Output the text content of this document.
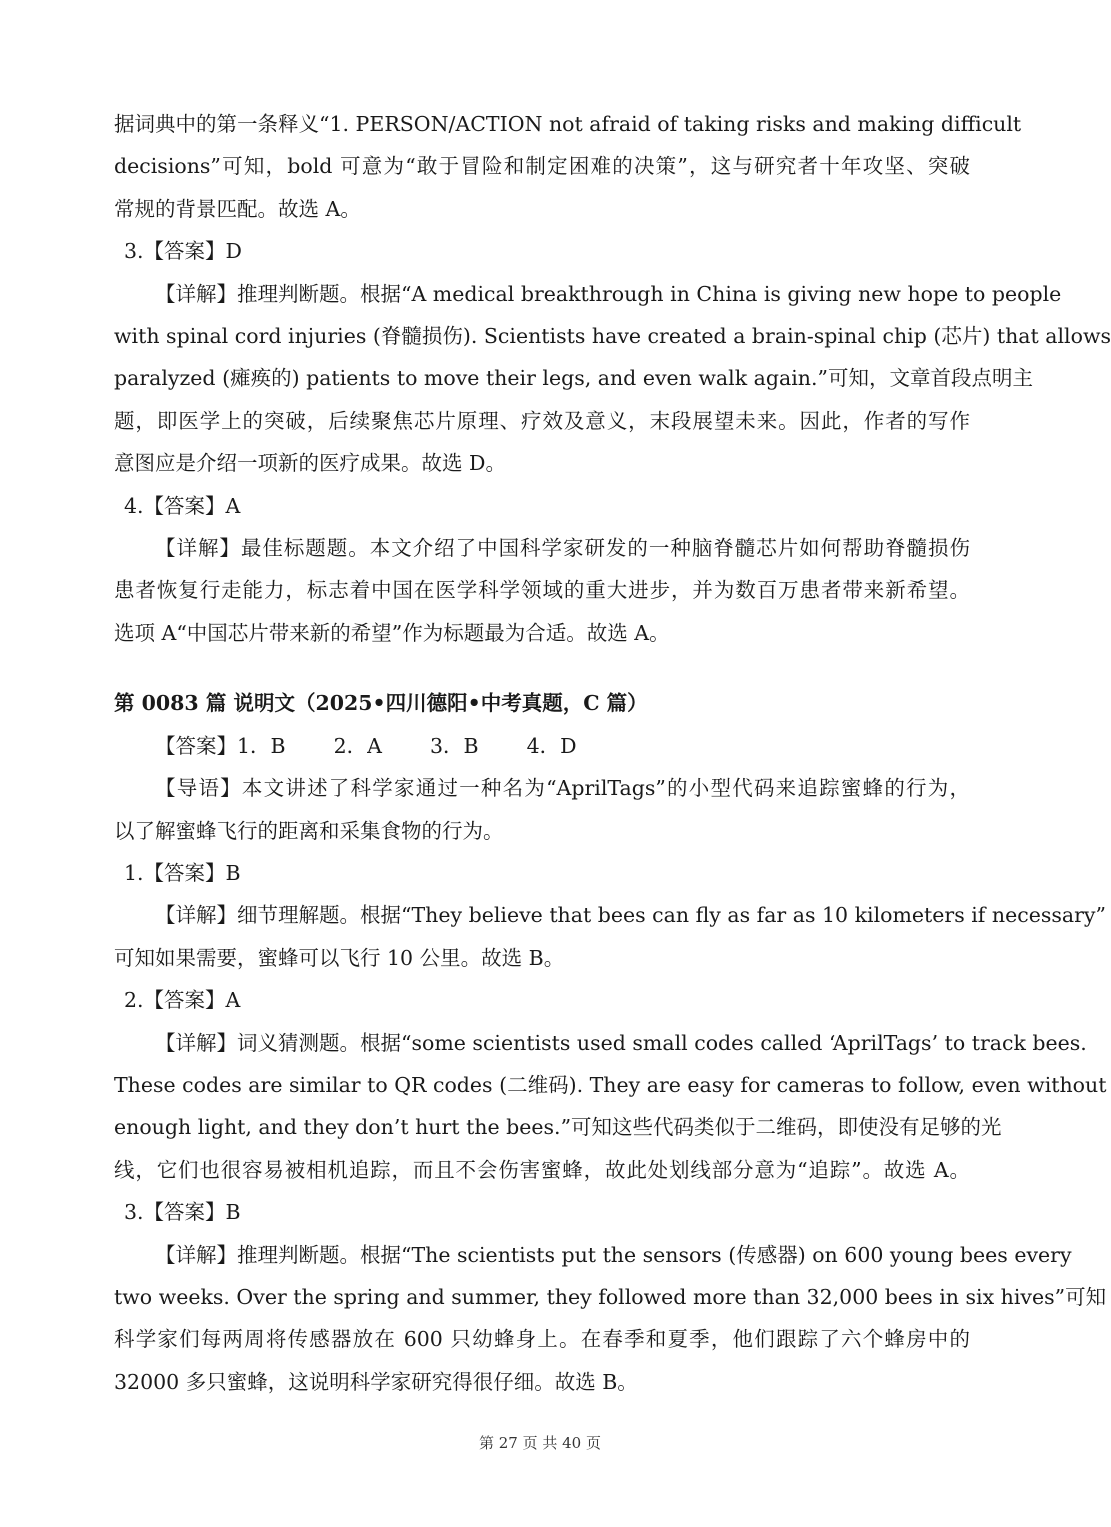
据词典中的第一条释义“1. PERSON/ACTION not afraid of taking risks and making difficult
decisions”可知，bold 可意为“敢于冒险和制定困难的决策”，这与研究者十年攻坚、突破
常规的背景匹配。故选 A。
3.【答案】D
【详解】推理判断题。根据“A medical breakthrough in China is giving new hope to people
with spinal cord injuries (脊髓损伤). Scientists have created a brain-spinal chip (芯片) that allows
paralyzed (瘫痪的) patients to move their legs, and even walk again.”可知，文章首段点明主
题，即医学上的突破，后续聚焦芯片原理、疗效及意义，末段展望未来。因此，作者的写作
意图应是介绍一项新的医疗成果。故选 D。
4.【答案】A
【详解】最佳标题题。本文介绍了中国科学家研发的一种脑脊髓芯片如何帮助脊髓损伤
患者恢复行走能力，标志着中国在医学科学领域的重大进步，并为数百万患者带来新希望。
选项 A“中国芯片带来新的希望”作为标题最为合适。故选 A。
第 0083 篇 说明文（2025•四川德阳•中考真题，C 篇）
【答案】1．B 2．A 3．B 4．D
【导语】本文讲述了科学家通过一种名为“AprilTags”的小型代码来追踪蜜蜂的行为，
以了解蜜蜂飞行的距离和采集食物的行为。
1.【答案】B
【详解】细节理解题。根据“They believe that bees can fly as far as 10 kilometers if necessary”
可知如果需要，蜜蜂可以飞行 10 公里。故选 B。
2.【答案】A
【详解】词义猜测题。根据“some scientists used small codes called ‘AprilTags’ to track bees.
These codes are similar to QR codes (二维码). They are easy for cameras to follow, even without
enough light, and they don’t hurt the bees.”可知这些代码类似于二维码，即使没有足够的光
线，它们也很容易被相机追踪，而且不会伤害蜜蜂，故此处划线部分意为“追踪”。故选 A。
3.【答案】B
【详解】推理判断题。根据“The scientists put the sensors (传感器) on 600 young bees every
two weeks. Over the spring and summer, they followed more than 32,000 bees in six hives”可知
科学家们每两周将传感器放在 600 只幼蜂身上。在春季和夏季，他们跟踪了六个蜂房中的
32000 多只蜜蜂，这说明科学家研究得很仔细。故选 B。
第 27 页 共 40 页
